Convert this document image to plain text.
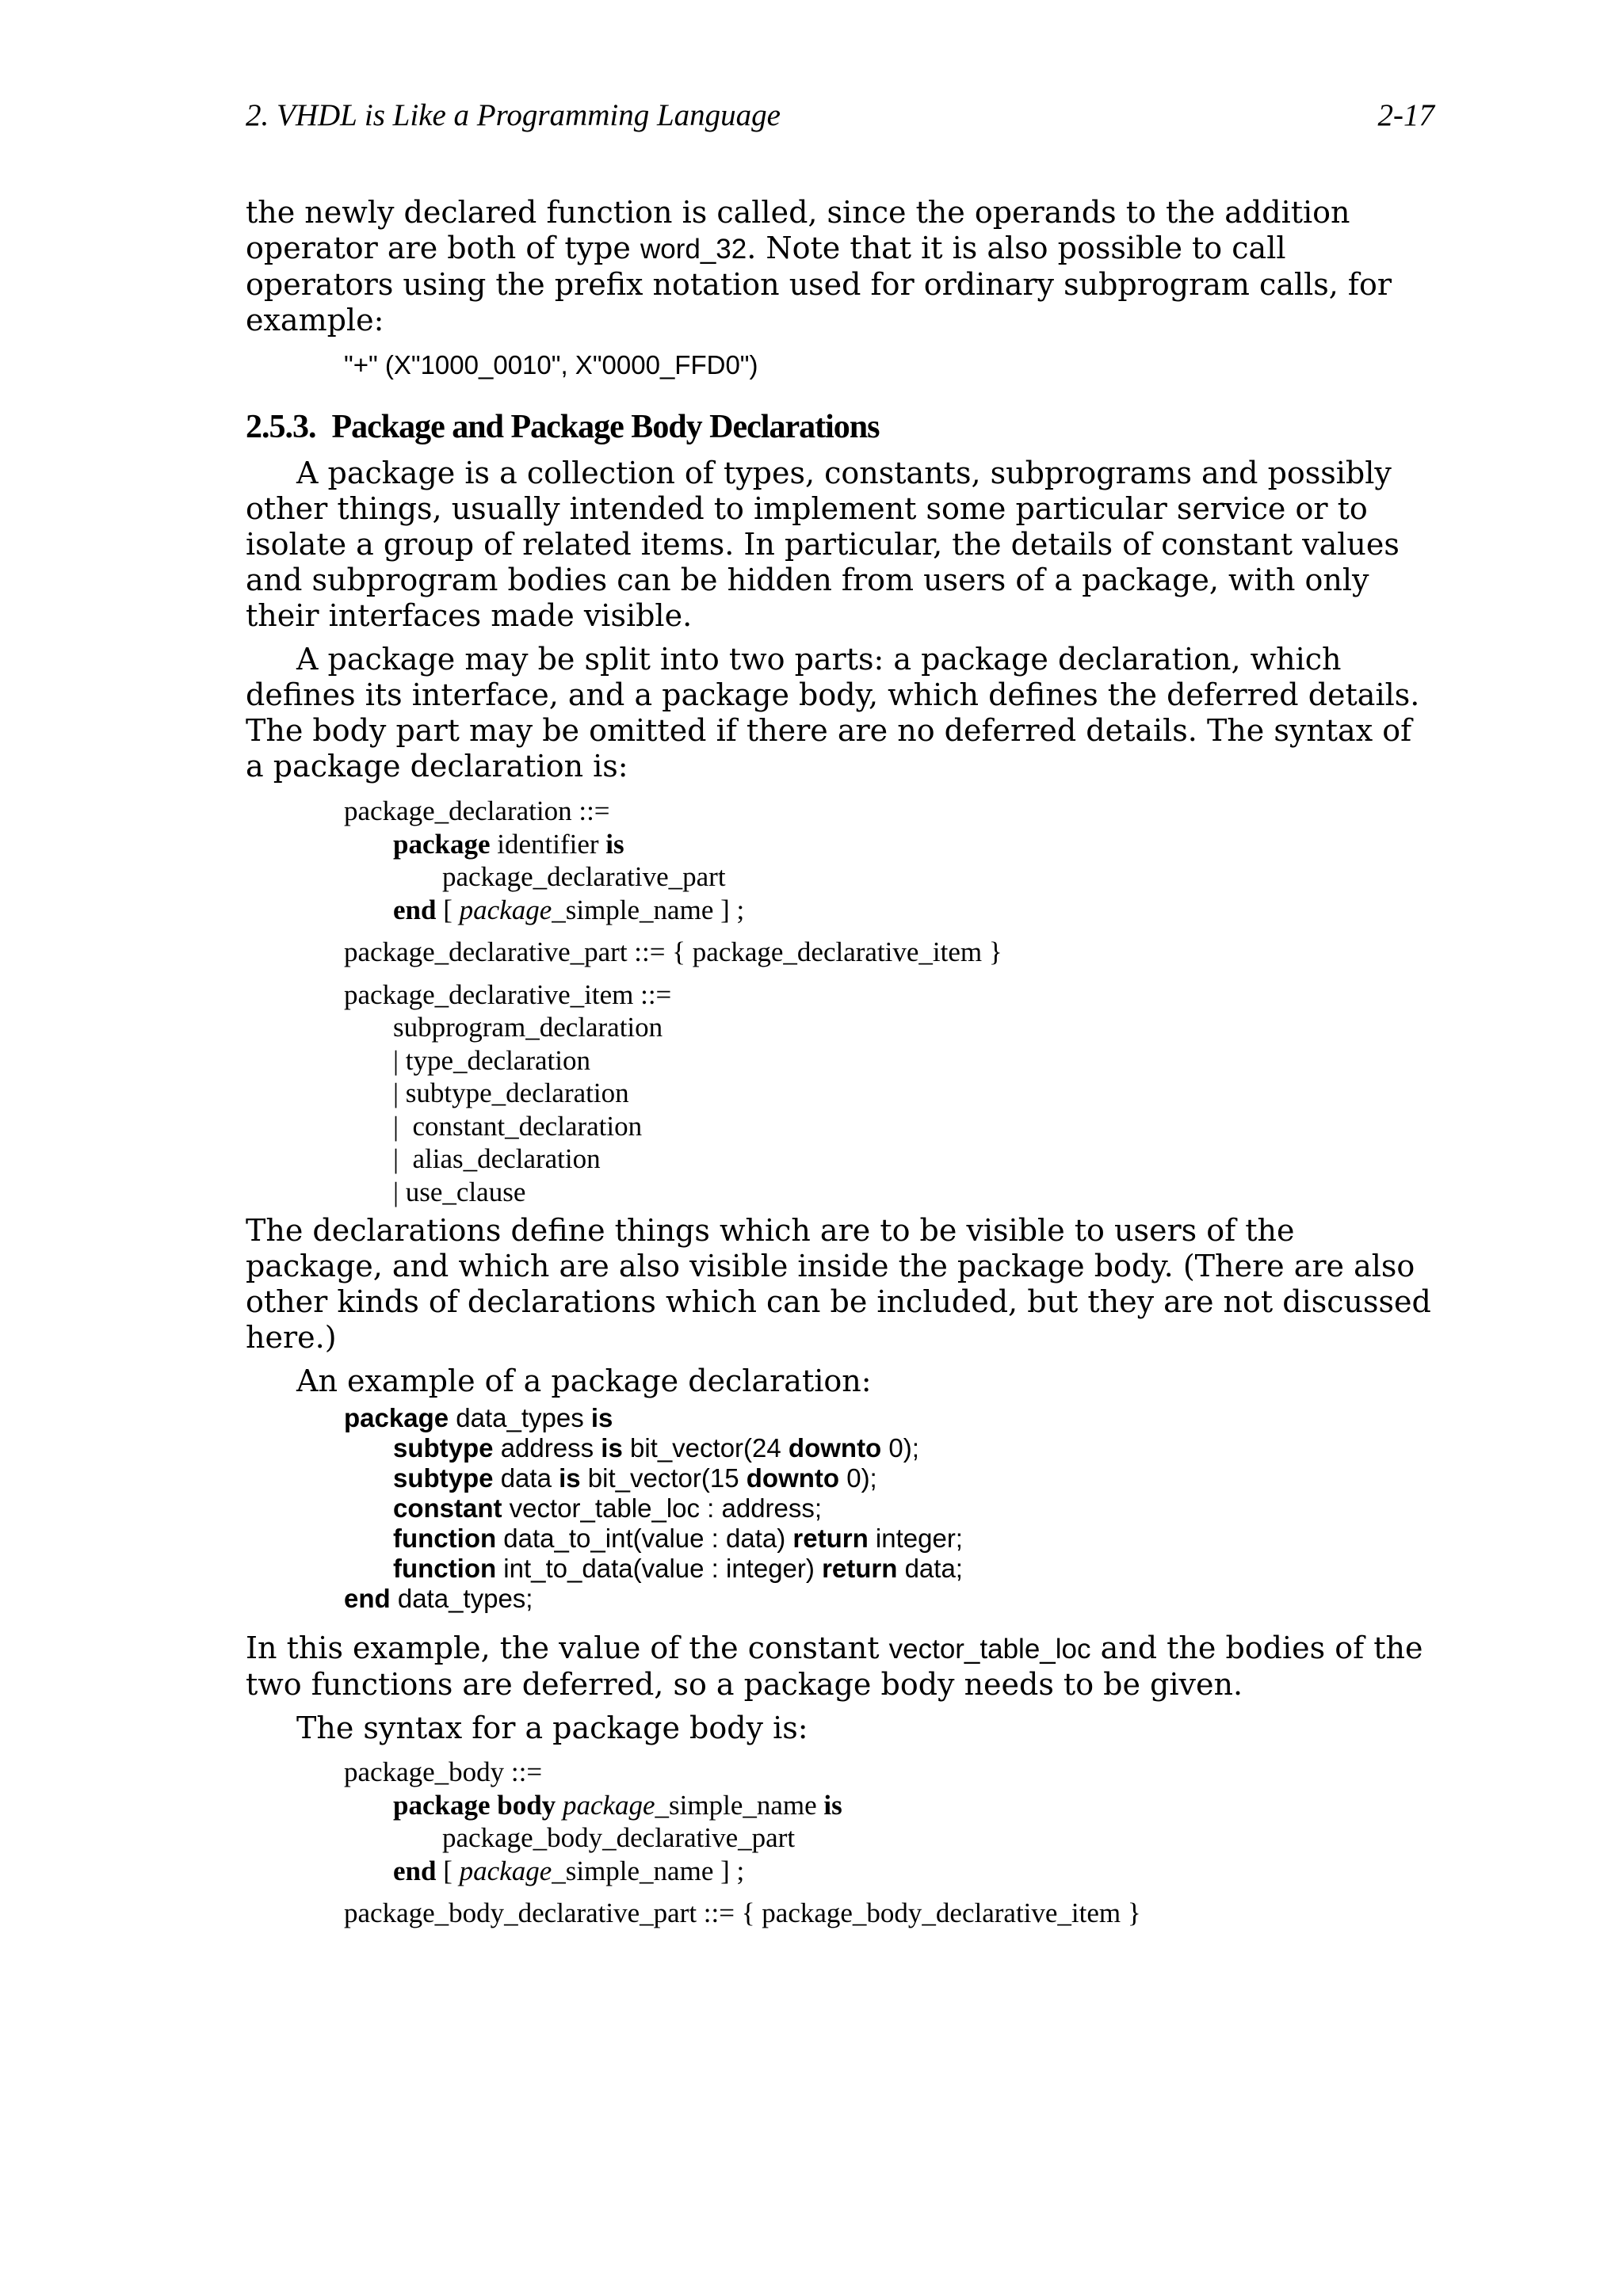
2. VHDL is Like a Programming Language	2-17

the newly declared function is called, since the operands to the addition operator are both of type word_32. Note that it is also possible to call operators using the prefix notation used for ordinary subprogram calls, for example:

"+" (X"1000_0010", X"0000_FFD0")
2.5.3. Package and Package Body Declarations

A package is a collection of types, constants, subprograms and possibly other things, usually intended to implement some particular service or to isolate a group of related items. In particular, the details of constant values and subprogram bodies can be hidden from users of a package, with only their interfaces made visible.

A package may be split into two parts: a package declaration, which defines its interface, and a package body, which defines the deferred details. The body part may be omitted if there are no deferred details. The syntax of a package declaration is:

package_declaration ::=
package identifier is
package_declarative_part
end [ package_simple_name ] ;
package_declarative_part ::= { package_declarative_item }
package_declarative_item ::=
subprogram_declaration
| type_declaration
| subtype_declaration
|  constant_declaration
|  alias_declaration
| use_clause

The declarations define things which are to be visible to users of the package, and which are also visible inside the package body. (There are also other kinds of declarations which can be included, but they are not discussed here.)

An example of a package declaration:

package data_types is
subtype address is bit_vector(24 downto 0);
subtype data is bit_vector(15 downto 0);
constant vector_table_loc : address;
function data_to_int(value : data) return integer;
function int_to_data(value : integer) return data;
end data_types;

In this example, the value of the constant vector_table_loc and the bodies of the two functions are deferred, so a package body needs to be given.

The syntax for a package body is:

package_body ::=
package body package_simple_name is
package_body_declarative_part
end [ package_simple_name ] ;
package_body_declarative_part ::= { package_body_declarative_item }
